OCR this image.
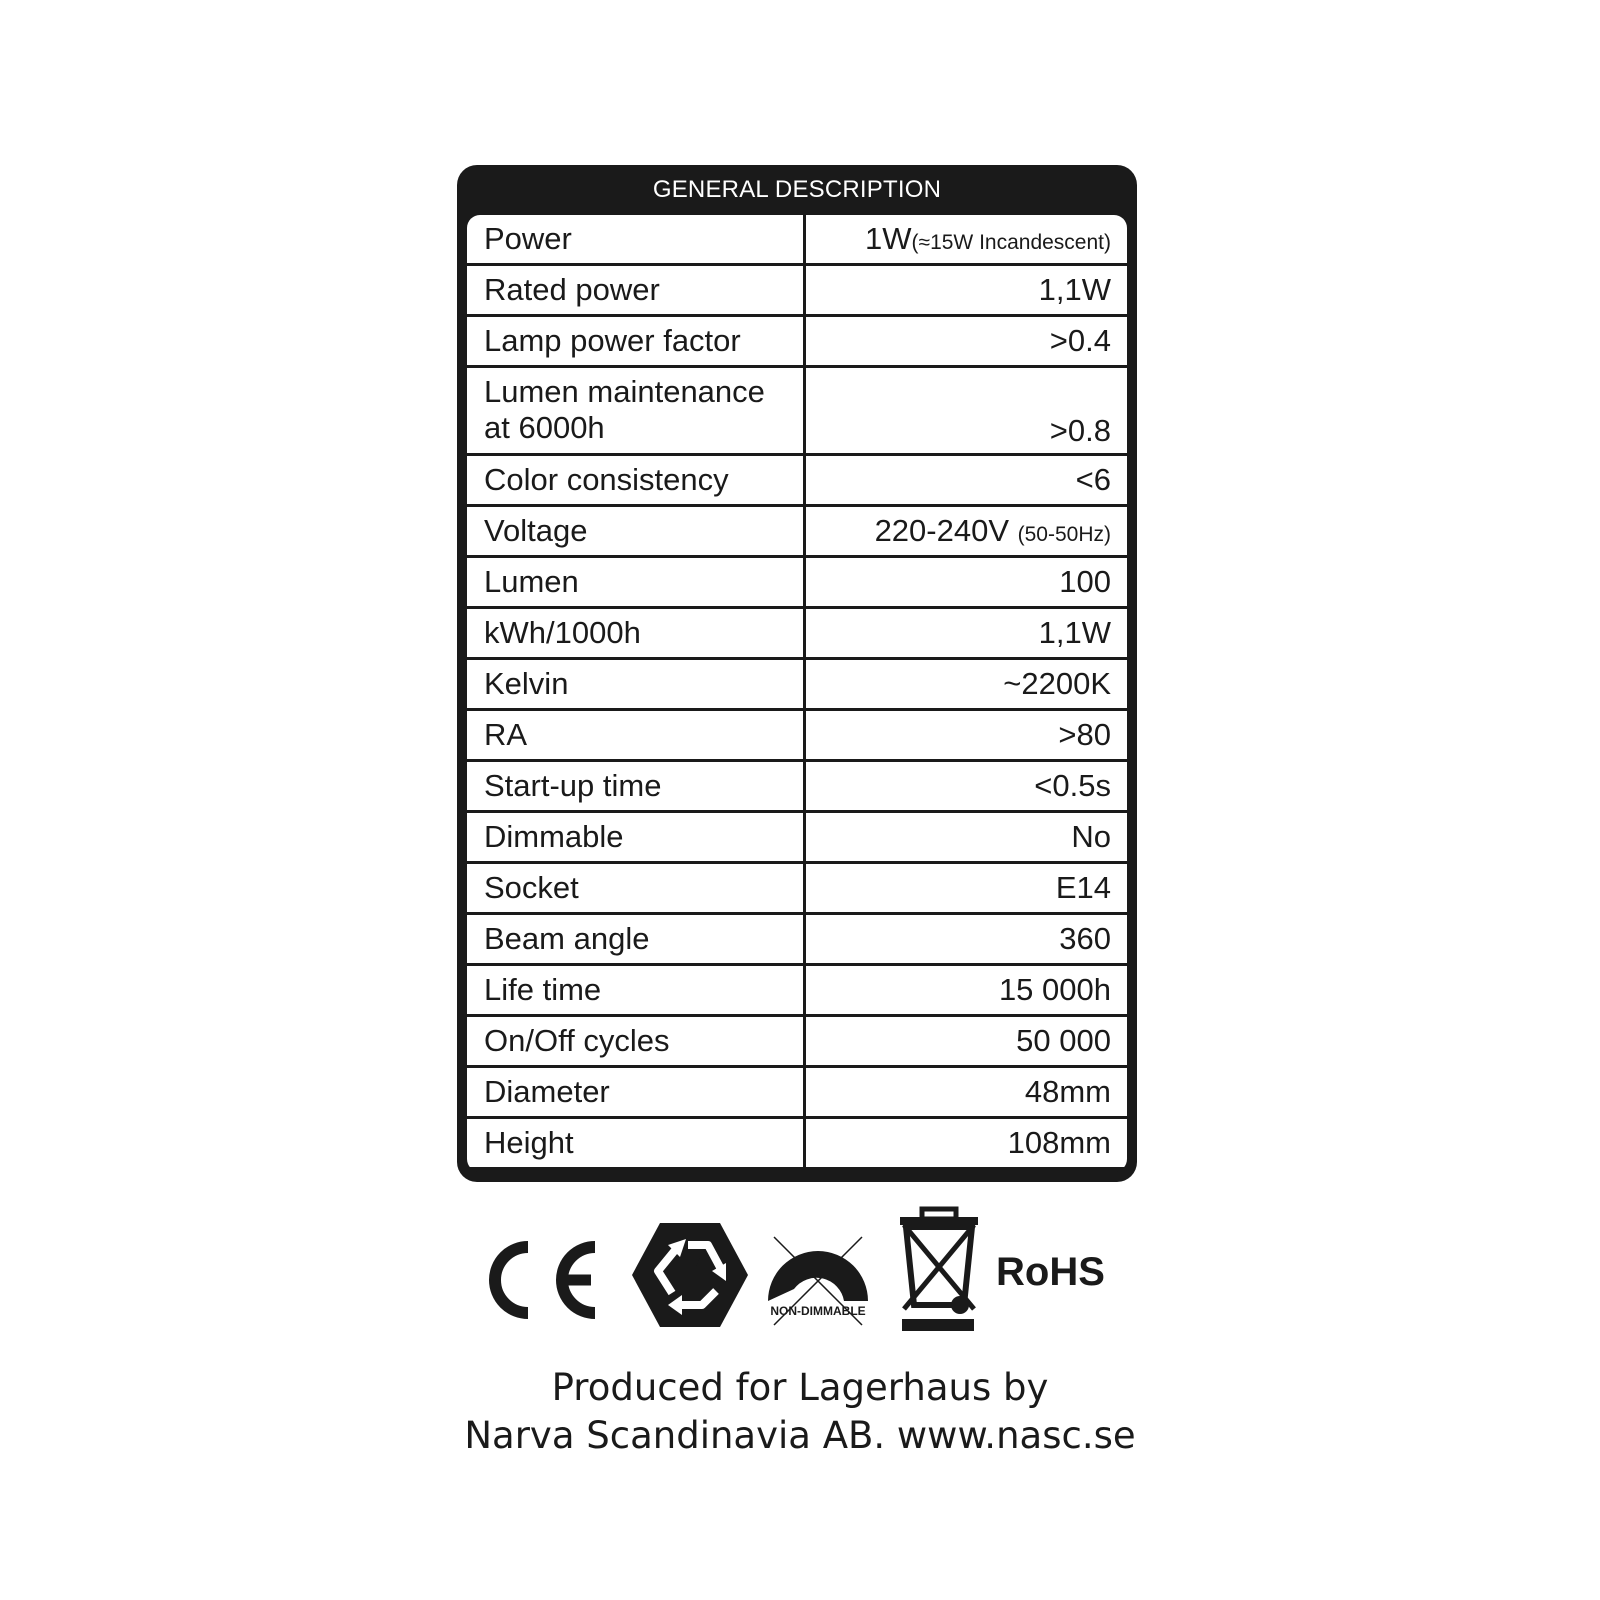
GENERAL DESCRIPTION
Power	1W(≈15W Incandescent)
Rated power	1,1W
Lamp power factor	>0.4
Lumen maintenance
at 6000h	>0.8
Color consistency	<6
Voltage	220-240V (50-50Hz)
Lumen	100
kWh/1000h	1,1W
Kelvin	~2200K
RA	>80
Start-up time	<0.5s
Dimmable	No
Socket	E14
Beam angle	360
Life time	15 000h
On/Off cycles	50 000
Diameter	48mm
Height	108mm
NON-DIMMABLE
RoHS
Produced for Lagerhaus by
Narva Scandinavia AB. www.nasc.se
